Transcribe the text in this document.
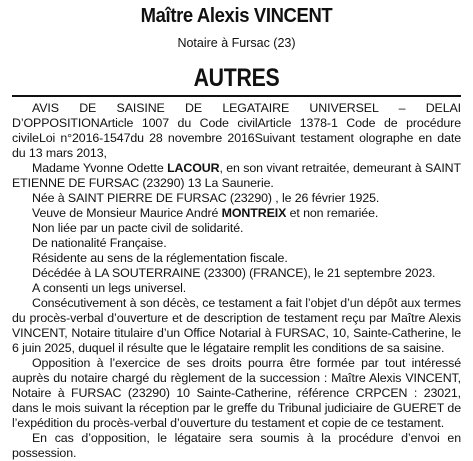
Maître Alexis VINCENT
Notaire à Fursac (23)
AUTRES

AVIS DE SAISINE DE LEGATAIRE UNIVERSEL – DELAI D’OPPOSITIONArticle 1007 du Code civilArticle 1378-1 Code de procédure civileLoi n°2016-1547du 28 novembre 2016Suivant testament olographe en date du 13 mars 2013,

Madame Yvonne Odette LACOUR, en son vivant retraitée, demeurant à SAINT ETIENNE DE FURSAC (23290) 13 La Saunerie.

Née à SAINT PIERRE DE FURSAC (23290) , le 26 février 1925.

Veuve de Monsieur Maurice André MONTREIX et non remariée.

Non liée par un pacte civil de solidarité.

De nationalité Française.

Résidente au sens de la réglementation fiscale.

Décédée à LA SOUTERRAINE (23300) (FRANCE), le 21 septembre 2023.

A consenti un legs universel.

Consécutivement à son décès, ce testament a fait l’objet d’un dépôt aux termes du procès-verbal d’ouverture et de description de testament reçu par Maître Alexis VINCENT, Notaire titulaire d’un Office Notarial à FURSAC, 10, Sainte-Catherine, le 6 juin 2025, duquel il résulte que le légataire remplit les conditions de sa saisine.

Opposition à l’exercice de ses droits pourra être formée par tout intéressé auprès du notaire chargé du règlement de la succession : Maître Alexis VINCENT, Notaire à FURSAC (23290) 10 Sainte-Catherine, référence CRPCEN : 23021, dans le mois suivant la réception par le greffe du Tribunal judiciaire de GUERET de l’expédition du procès-verbal d’ouverture du testament et copie de ce testament.

En cas d’opposition, le légataire sera soumis à la procédure d’envoi en possession.
